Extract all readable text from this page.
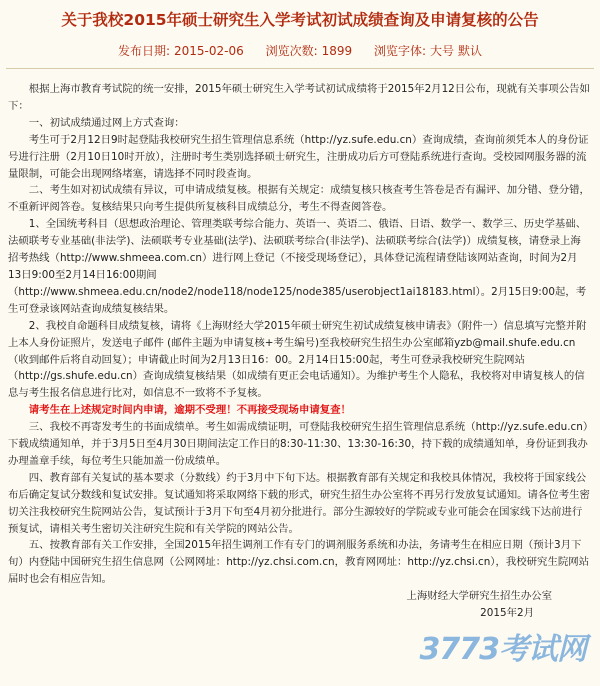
关于我校2015年硕士研究生入学考试初试成绩查询及申请复核的公告
发布日期: 2015-02-06 浏览次数: 1899 浏览字体: 大号 默认

根据上海市教育考试院的统一安排，2015年硕士研究生入学考试初试成绩将于2015年2月12日公布，现就有关事项公告如下：

一、初试成绩通过网上方式查询：

考生可于2月12日9时起登陆我校研究生招生管理信息系统（http://yz.sufe.edu.cn）查询成绩，查询前须凭本人的身份证号进行注册（2月10日10时开放），注册时考生类别选择硕士研究生，注册成功后方可登陆系统进行查询。受校园网服务器的流量限制，可能会出现网络堵塞，请选择不同时段查询。

二、考生如对初试成绩有异议，可申请成绩复核。根据有关规定：成绩复核只核查考生答卷是否有漏评、加分错、登分错，不重新评阅答卷。复核结果只向考生提供所复核科目成绩总分，考生不得查阅答卷。

1、全国统考科目（思想政治理论、管理类联考综合能力、英语一、英语二、俄语、日语、数学一、数学三、历史学基础、法硕联考专业基础(非法学)、法硕联考专业基础(法学)、法硕联考综合(非法学)、法硕联考综合(法学)）成绩复核，请登录上海招考热线（http://www.shmeea.com.cn）进行网上登记（不接受现场登记），具体登记流程请登陆该网站查询，时间为2月13日9:00至2月14日16:00期间（http://www.shmeea.edu.cn/node2/node118/node125/node385/userobject1ai18183.html）。2月15日9:00起，考生可登录该网站查询成绩复核结果。

2、我校自命题科目成绩复核，请将《上海财经大学2015年硕士研究生初试成绩复核申请表》（附件一）信息填写完整并附上本人身份证照片，发送电子邮件 (邮件主题为申请复核+考生编号)至我校研究生招生办公室邮箱yzb@mail.shufe.edu.cn（收到邮件后将自动回复）；申请截止时间为2月13日16：00。2月14日15:00起，考生可登录我校研究生院网站（http://gs.shufe.edu.cn）查询成绩复核结果（如成绩有更正会电话通知）。为维护考生个人隐私，我校将对申请复核人的信息与考生报名信息进行比对，如信息不一致将不予复核。

请考生在上述规定时间内申请，逾期不受理！不再接受现场申请复查！

三、我校不再寄发考生的书面成绩单。考生如需成绩证明，可登陆我校研究生招生管理信息系统（http://yz.sufe.edu.cn）下载成绩通知单，并于3月5日至4月30日期间法定工作日的8:30-11:30、13:30-16:30，持下载的成绩通知单，身份证到我办办理盖章手续，每位考生只能加盖一份成绩单。

四、教育部有关复试的基本要求（分数线）约于3月中下旬下达。根据教育部有关规定和我校具体情况，我校将于国家线公布后确定复试分数线和复试安排。复试通知将采取网络下载的形式，研究生招生办公室将不再另行发放复试通知。请各位考生密切关注我校研究生院网站公告，复试预计于3月下旬至4月初分批进行。部分生源较好的学院或专业可能会在国家线下达前进行预复试，请相关考生密切关注研究生院和有关学院的网站公告。

五、按教育部有关工作安排，全国2015年招生调剂工作有专门的调剂服务系统和办法，务请考生在相应日期（预计3月下旬）内登陆中国研究生招生信息网（公网网址：http://yz.chsi.com.cn，教育网网址：http://yz.chsi.cn），我校研究生院网站届时也会有相应告知。

上海财经大学研究生招生办公室

2015年2月

3773考试网
